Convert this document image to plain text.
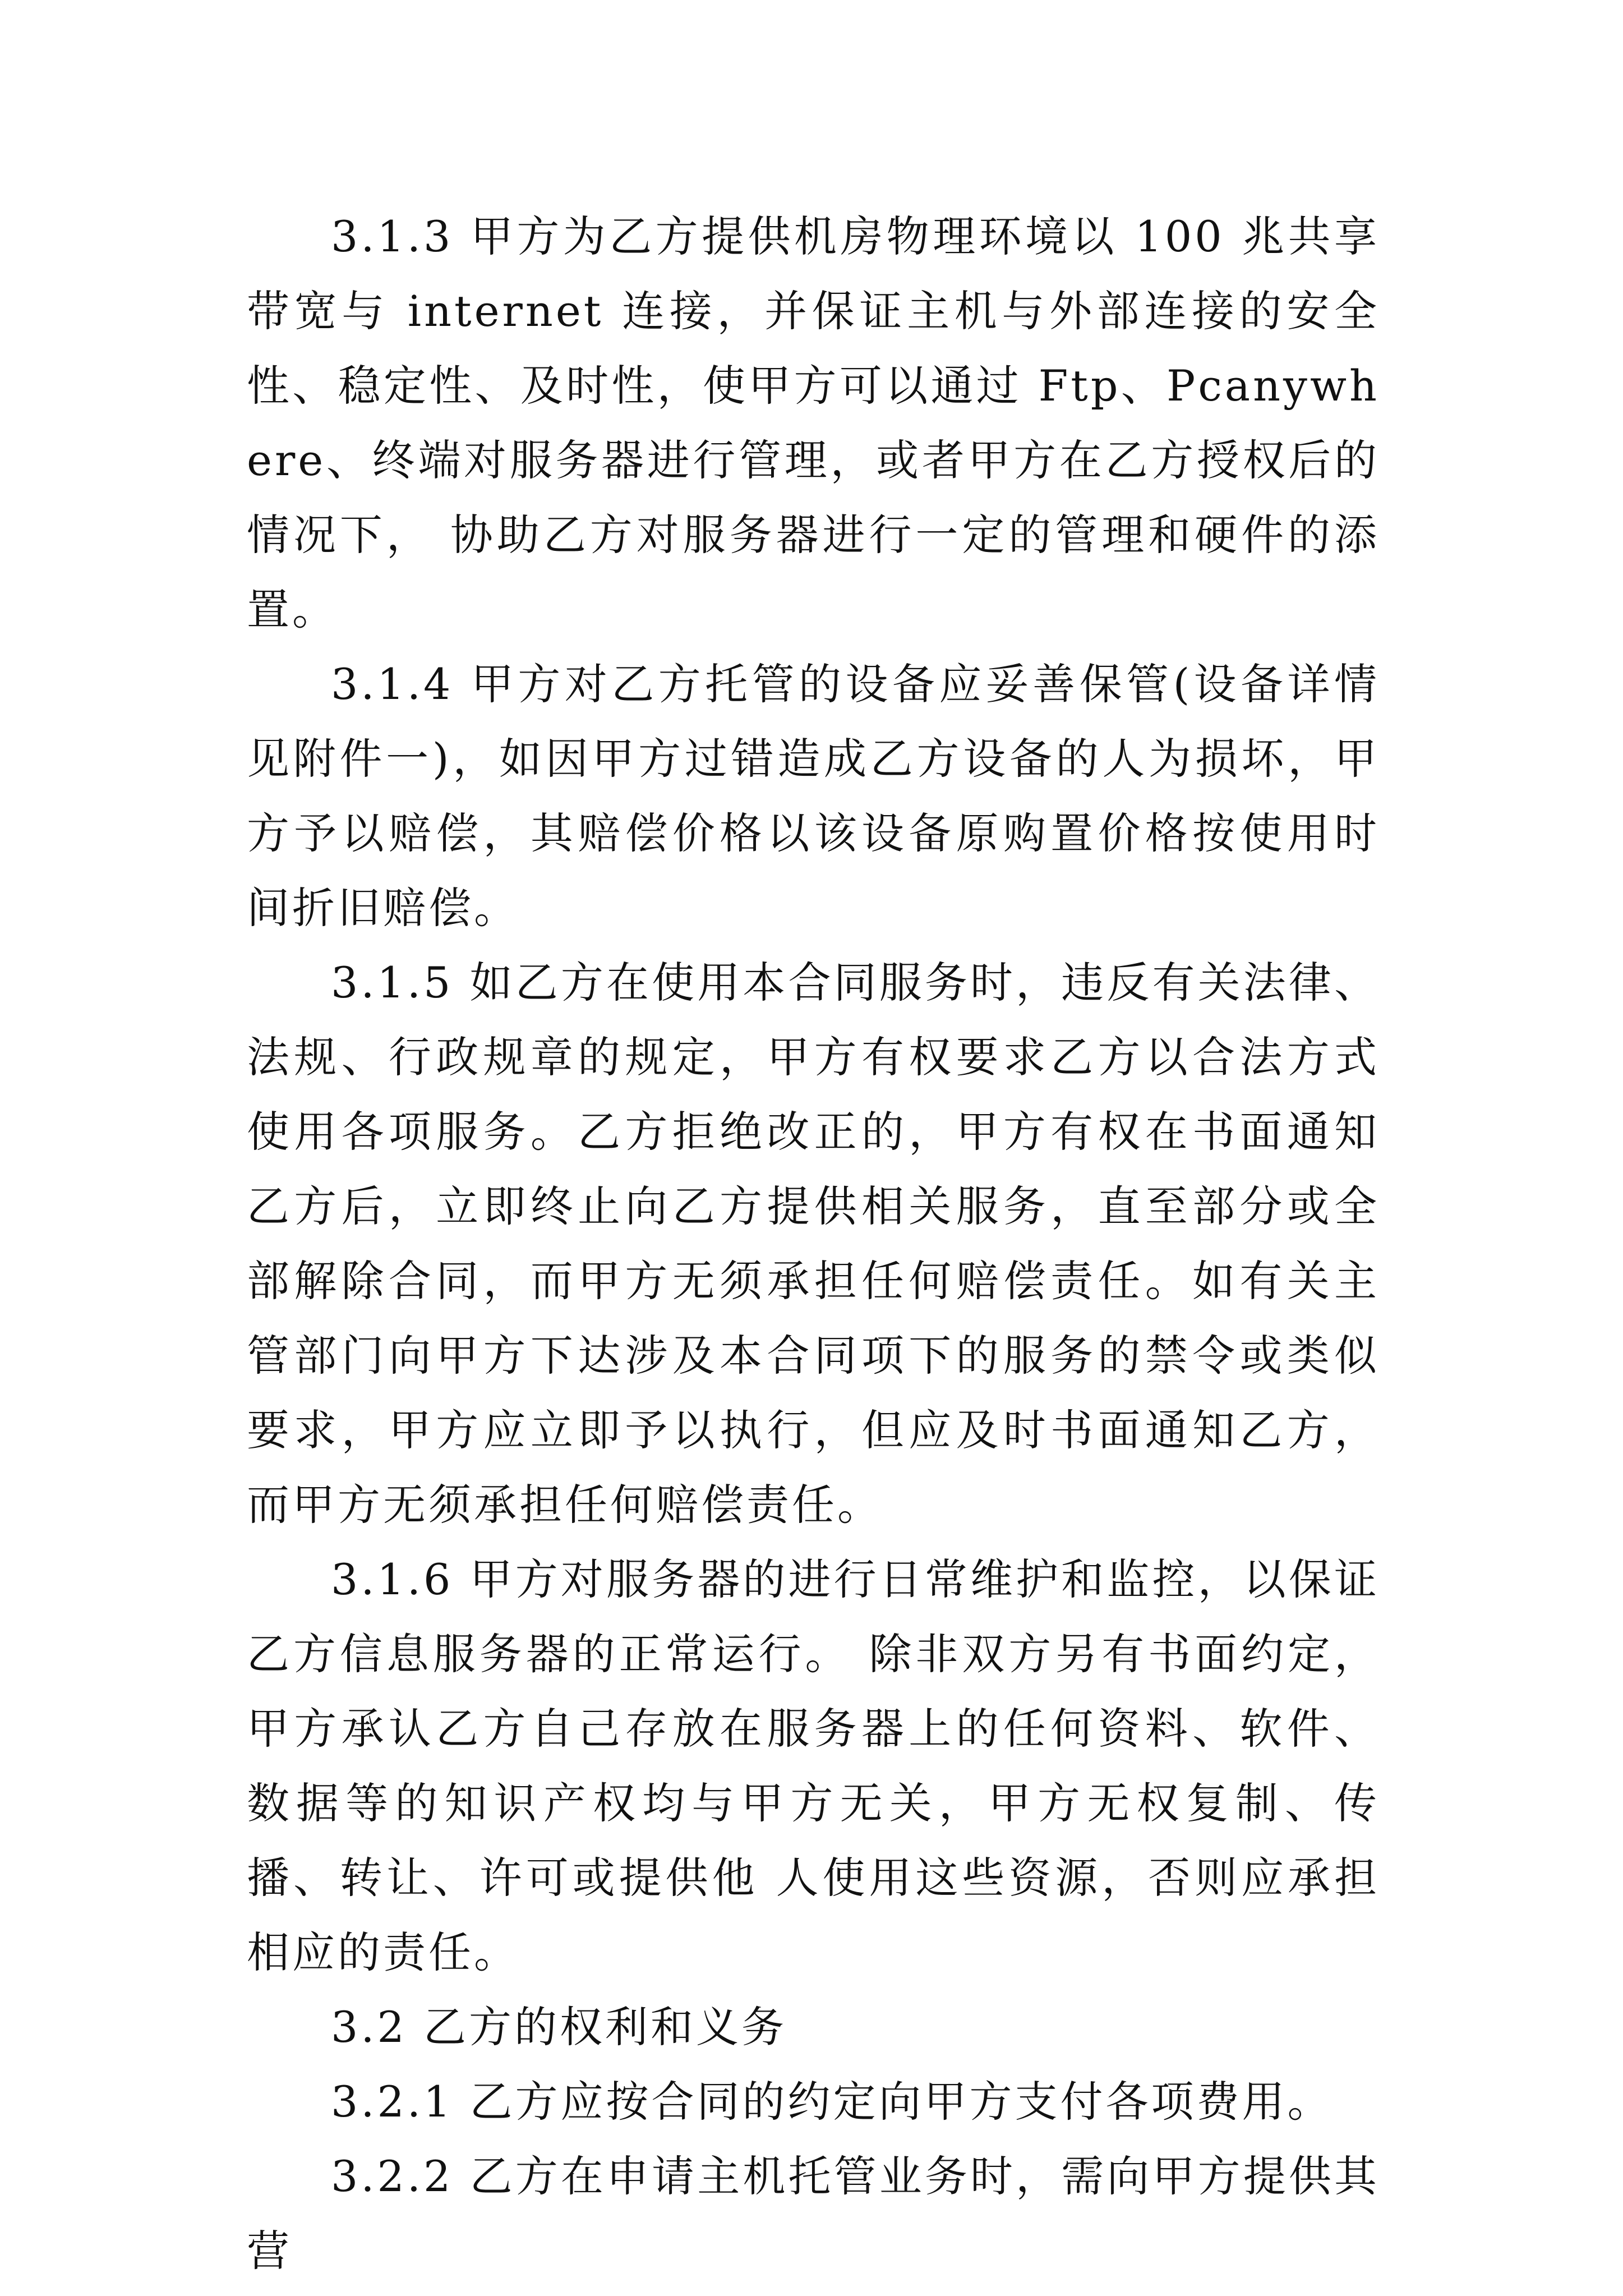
3.1.3 甲方为乙方提供机房物理环境以 100 兆共享带宽与 internet 连接，并保证主机与外部连接的安全性、稳定性、及时性，使甲方可以通过 Ftp、Pcanywhere、终端对服务器进行管理，或者甲方在乙方授权后的情况下， 协助乙方对服务器进行一定的管理和硬件的添置。

3.1.4 甲方对乙方托管的设备应妥善保管(设备详情见附件一)，如因甲方过错造成乙方设备的人为损坏，甲方予以赔偿，其赔偿价格以该设备原购置价格按使用时间折旧赔偿。

3.1.5 如乙方在使用本合同服务时，违反有关法律、法规、行政规章的规定，甲方有权要求乙方以合法方式使用各项服务。乙方拒绝改正的，甲方有权在书面通知乙方后，立即终止向乙方提供相关服务，直至部分或全部解除合同，而甲方无须承担任何赔偿责任。如有关主管部门向甲方下达涉及本合同项下的服务的禁令或类似要求，甲方应立即予以执行，但应及时书面通知乙方，而甲方无须承担任何赔偿责任。

3.1.6 甲方对服务器的进行日常维护和监控，以保证乙方信息服务器的正常运行。 除非双方另有书面约定，甲方承认乙方自己存放在服务器上的任何资料、软件、 数据等的知识产权均与甲方无关，甲方无权复制、传播、转让、许可或提供他 人使用这些资源，否则应承担相应的责任。

3.2 乙方的权利和义务

3.2.1 乙方应按合同的约定向甲方支付各项费用。

3.2.2 乙方在申请主机托管业务时，需向甲方提供其营
